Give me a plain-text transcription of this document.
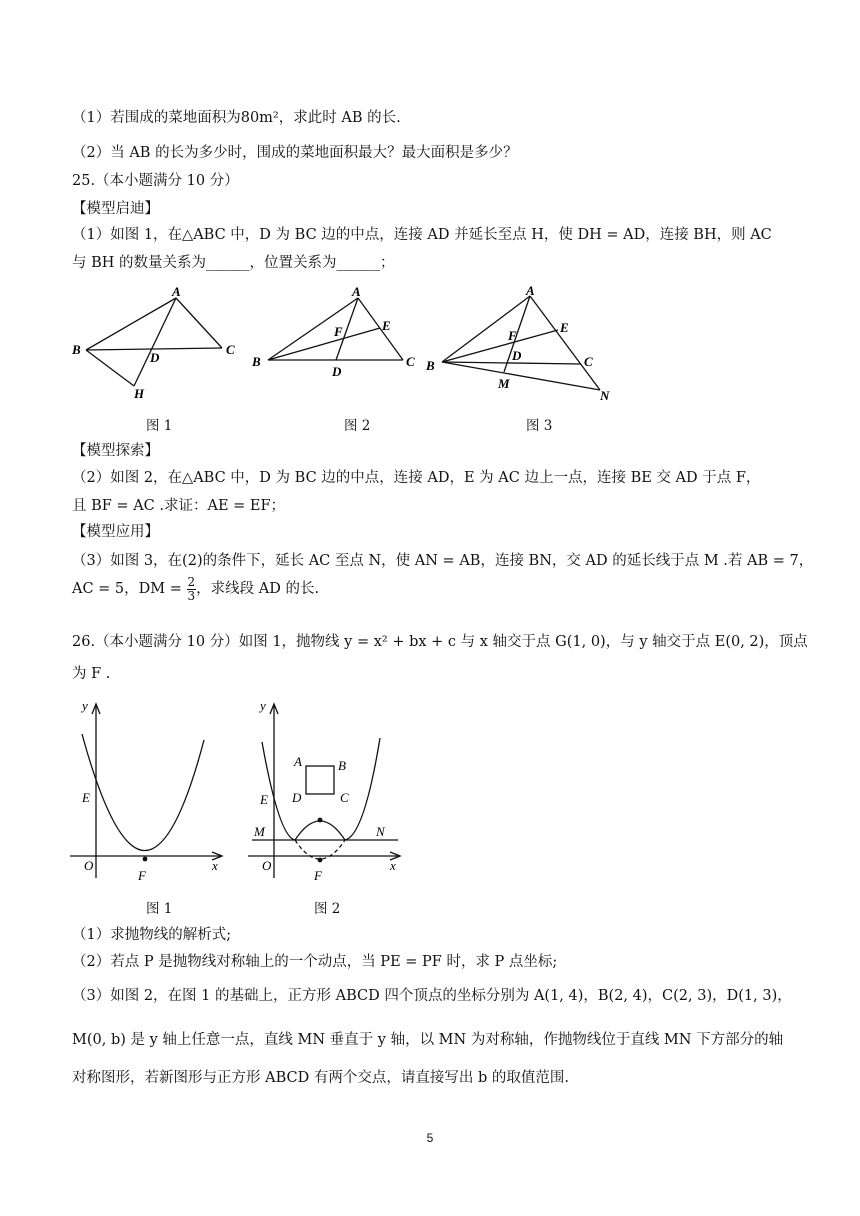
（1）若围成的菜地面积为80m²，求此时 AB 的长.
（2）当 AB 的长为多少时，围成的菜地面积最大？最大面积是多少？
25.（本小题满分 10 分）
【模型启迪】
（1）如图 1，在△ABC 中，D 为 BC 边的中点，连接 AD 并延长至点 H，使 DH = AD，连接 BH，则 AC
与 BH 的数量关系为______，位置关系为______；
A
B	C
D
H
图 1
A
B	C
D
E
F
图 2
A
B	C
D
E
F
M
N
图 3
【模型探索】
（2）如图 2，在△ABC 中，D 为 BC 边的中点，连接 AD，E 为 AC 边上一点，连接 BE 交 AD 于点 F，
且 BF = AC .求证：AE = EF；
【模型应用】
（3）如图 3，在(2)的条件下，延长 AC 至点 N，使 AN = AB，连接 BN，交 AD 的延长线于点 M .若 AB = 7，
AC = 5，DM = $\frac{2}{3}$ ，求线段 AD 的长.
26.（本小题满分 10 分）如图 1，抛物线 y = x² + bx + c 与 x 轴交于点 G(1, 0)，与 y 轴交于点 E(0, 2)，顶点
为 F .
y
x
O
E
F
图 1
y
x
O
E
F
A	B
C
D
M	N
图 2
（1）求抛物线的解析式;
（2）若点 P 是抛物线对称轴上的一个动点，当 PE = PF 时，求 P 点坐标;
（3）如图 2，在图 1 的基础上，正方形 ABCD 四个顶点的坐标分别为 A(1, 4)，B(2, 4)，C(2, 3)，D(1, 3)，
M(0, b) 是 y 轴上任意一点，直线 MN 垂直于 y 轴，以 MN 为对称轴，作抛物线位于直线 MN 下方部分的轴
对称图形，若新图形与正方形 ABCD 有两个交点，请直接写出 b 的取值范围.
5
